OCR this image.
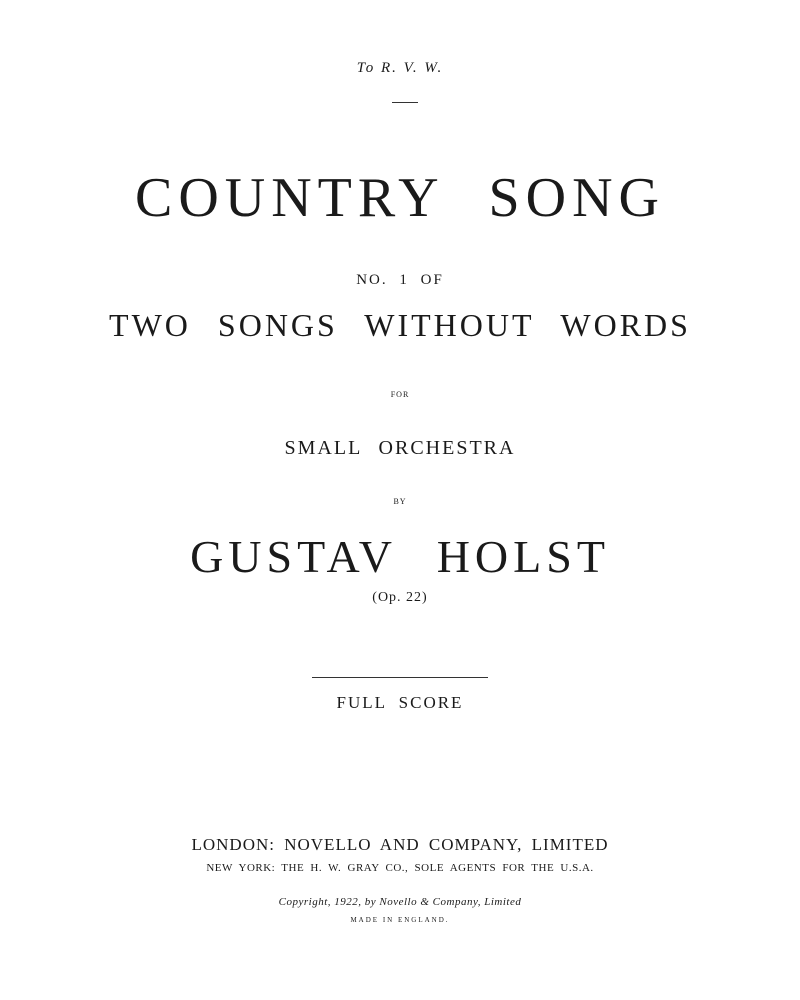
To R. V. W.
COUNTRY SONG
NO. 1 OF
TWO SONGS WITHOUT WORDS
FOR
SMALL ORCHESTRA
BY
GUSTAV HOLST
(Op. 22)
FULL SCORE
LONDON: NOVELLO AND COMPANY, LIMITED
NEW YORK: THE H. W. GRAY CO., SOLE AGENTS FOR THE U.S.A.
Copyright, 1922, by Novello & Company, Limited
MADE IN ENGLAND.
